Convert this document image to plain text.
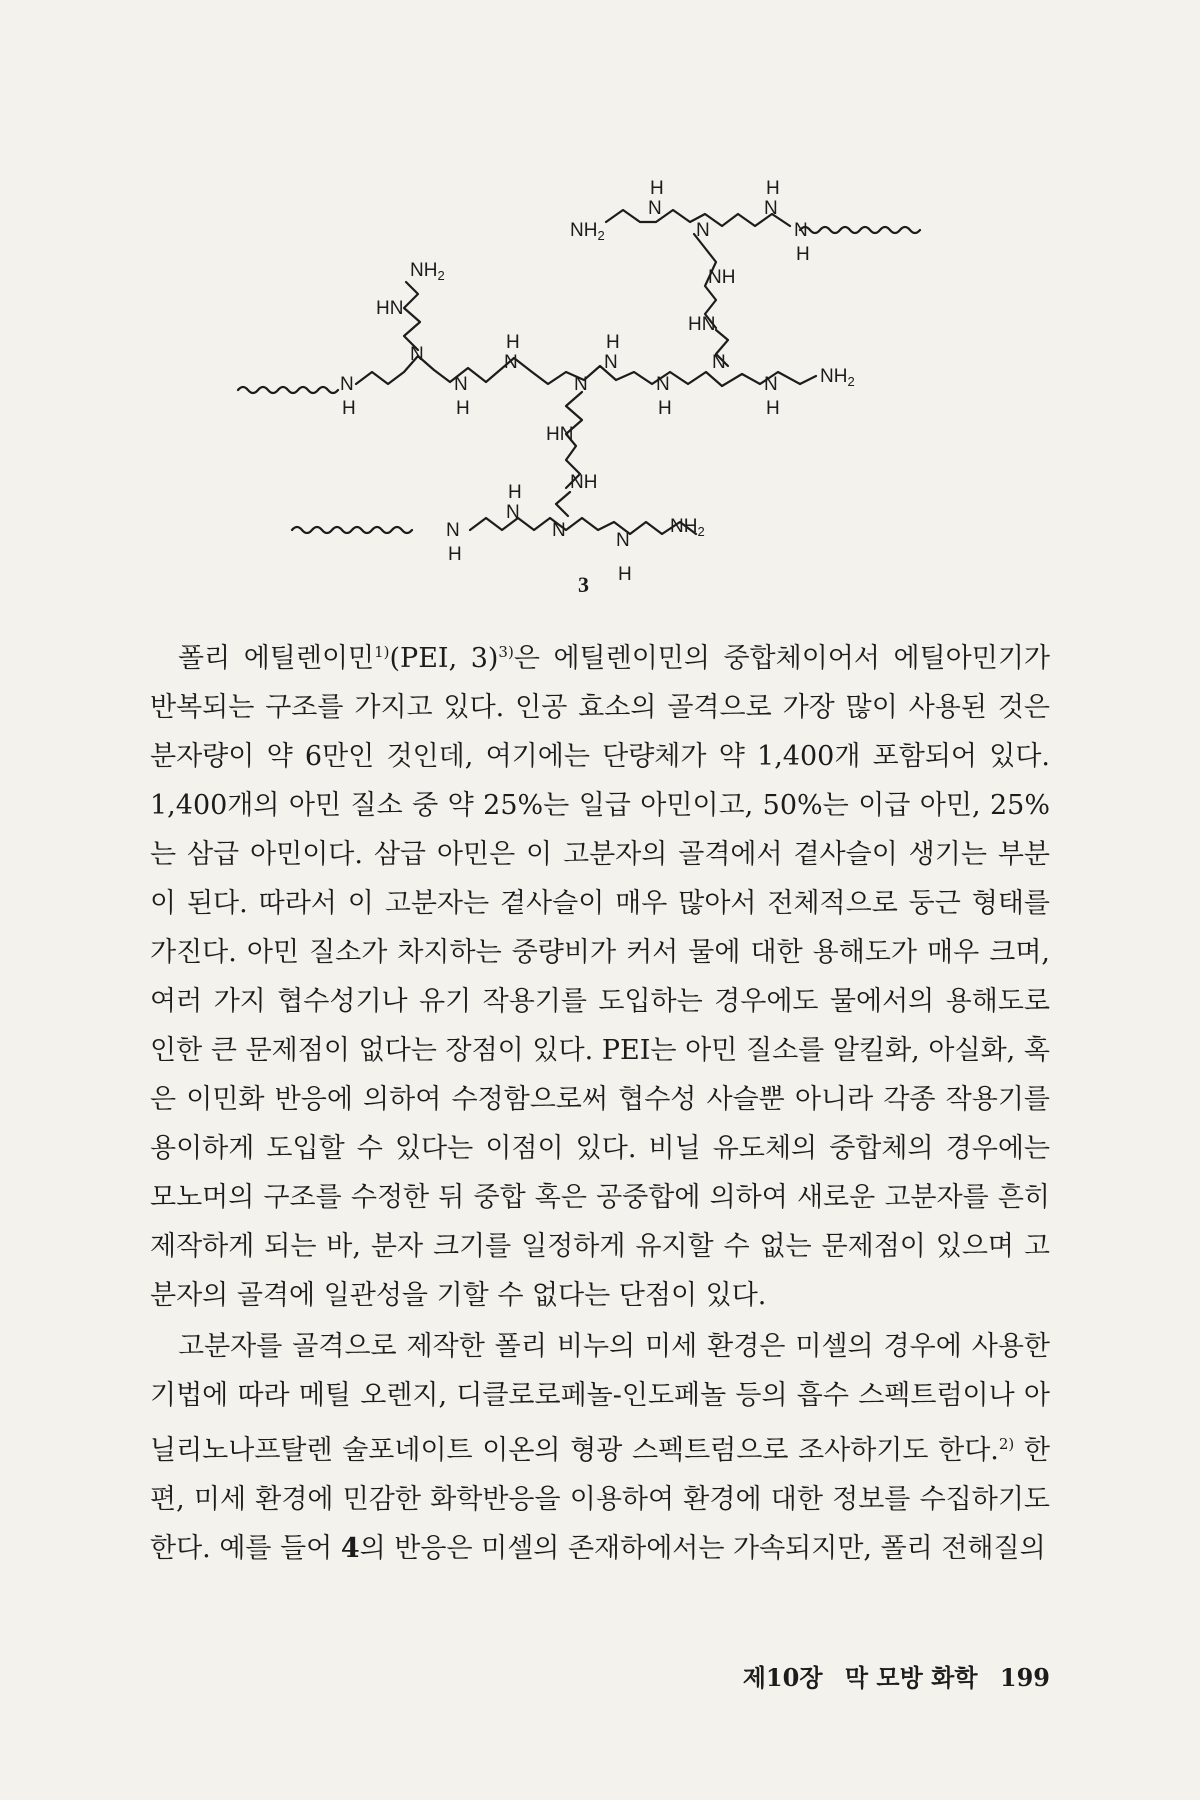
$NH_2$
N
H
N
N
H
N
H
NH
HN
$NH_2$
HN
N
H
N
N
H
N
H
N
N
H
N
H
N
N
H
$NH_2$
HN
NH
N
H
N
H
N	N
H
$NH_2$
3

폴리 에틸렌이민$^{1)}$(PEI, 3)$^{3)}$은 에틸렌이민의 중합체이어서 에틸아민기가 반복되는 구조를 가지고 있다. 인공 효소의 골격으로 가장 많이 사용된 것은 분자량이 약 6만인 것인데, 여기에는 단량체가 약 1,400개 포함되어 있다. 1,400개의 아민 질소 중 약 25%는 일급 아민이고, 50%는 이급 아민, 25%는 삼급 아민이다. 삼급 아민은 이 고분자의 골격에서 곁사슬이 생기는 부분이 된다. 따라서 이 고분자는 곁사슬이 매우 많아서 전체적으로 둥근 형태를 가진다. 아민 질소가 차지하는 중량비가 커서 물에 대한 용해도가 매우 크며, 여러 가지 협수성기나 유기 작용기를 도입하는 경우에도 물에서의 용해도로 인한 큰 문제점이 없다는 장점이 있다. PEI는 아민 질소를 알킬화, 아실화, 혹은 이민화 반응에 의하여 수정함으로써 협수성 사슬뿐 아니라 각종 작용기를 용이하게 도입할 수 있다는 이점이 있다. 비닐 유도체의 중합체의 경우에는 모노머의 구조를 수정한 뒤 중합 혹은 공중합에 의하여 새로운 고분자를 흔히 제작하게 되는 바, 분자 크기를 일정하게 유지할 수 없는 문제점이 있으며 고분자의 골격에 일관성을 기할 수 없다는 단점이 있다.

고분자를 골격으로 제작한 폴리 비누의 미세 환경은 미셀의 경우에 사용한 기법에 따라 메틸 오렌지, 디클로로페놀-인도페놀 등의 흡수 스펙트럼이나 아닐리노나프탈렌 술포네이트 이온의 형광 스펙트럼으로 조사하기도 한다.$^{2)}$ 한편, 미세 환경에 민감한 화학반응을 이용하여 환경에 대한 정보를 수집하기도 한다. 예를 들어 4의 반응은 미셀의 존재하에서는 가속되지만, 폴리 전해질의

제10장 막 모방 화학 199
